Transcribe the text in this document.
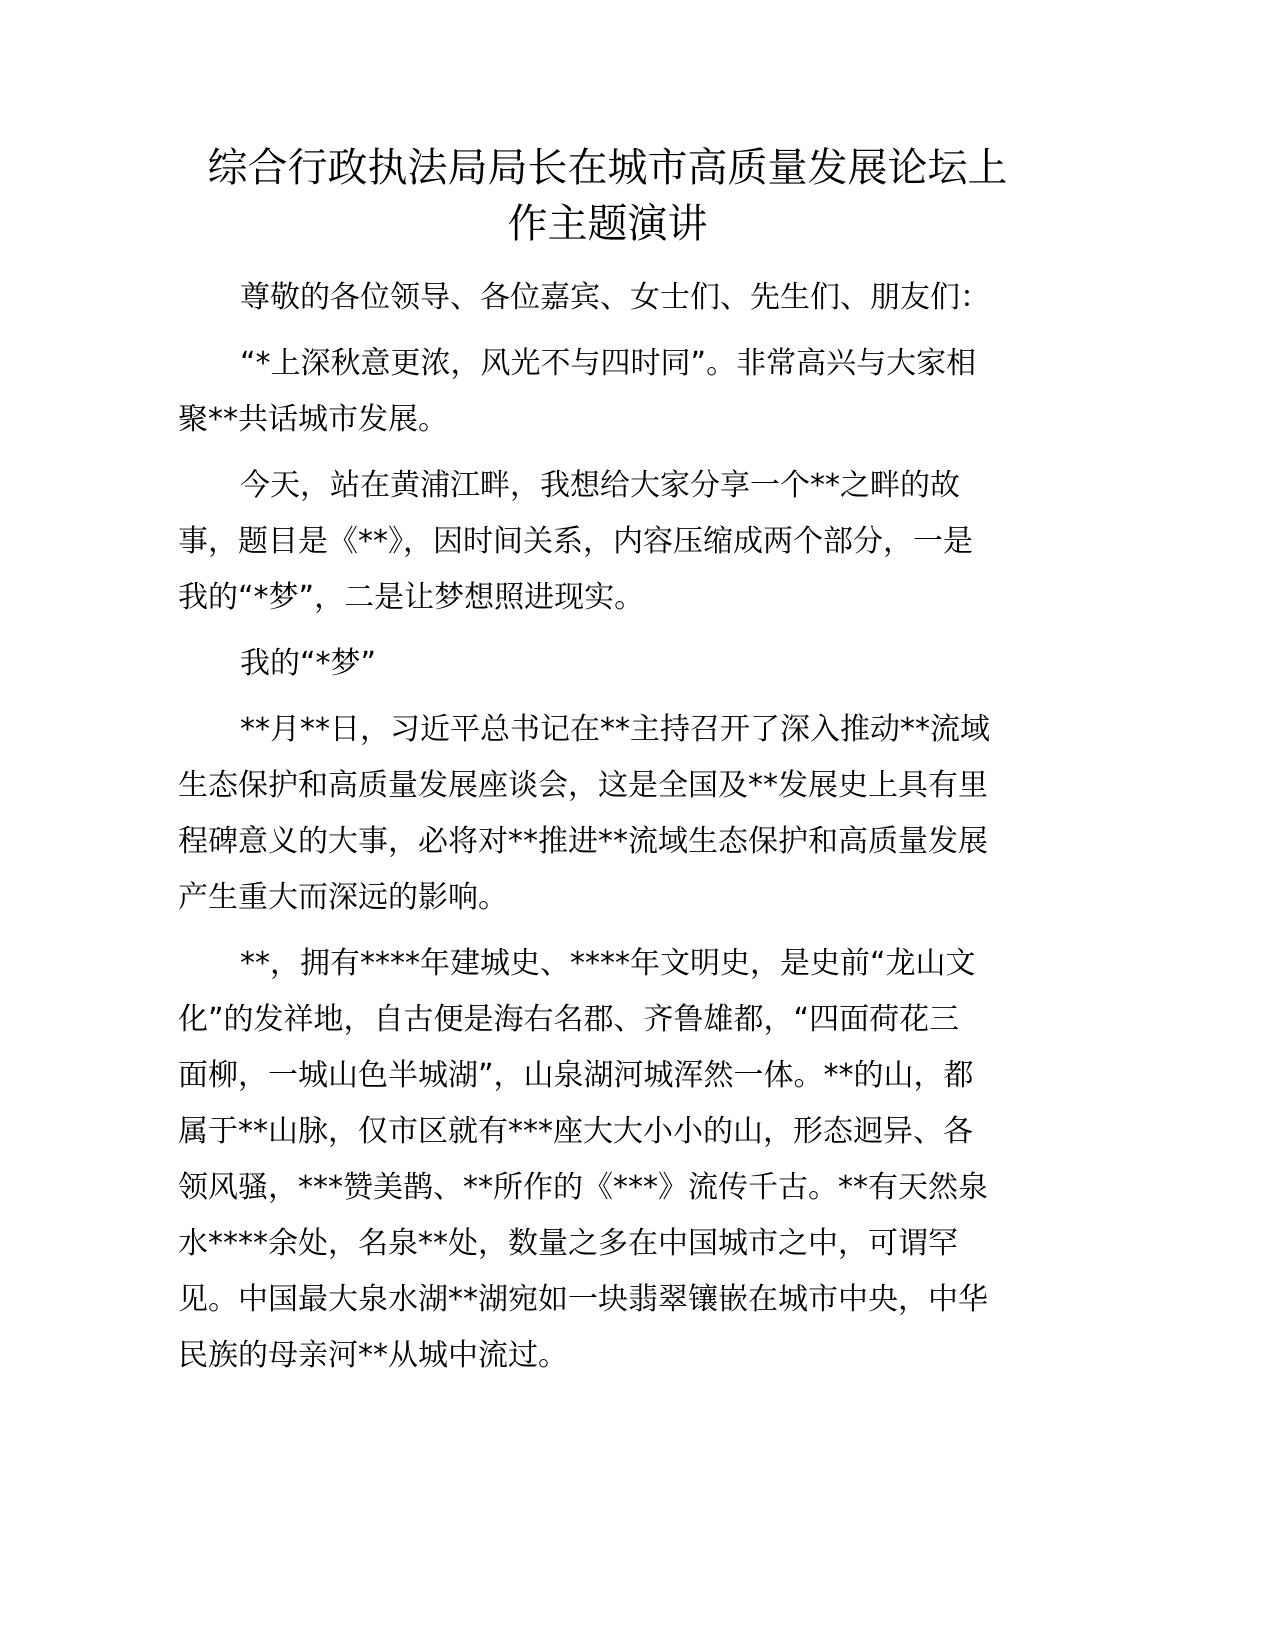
综合行政执法局局长在城市高质量发展论坛上
作主题演讲
尊敬的各位领导、各位嘉宾、女士们、先生们、朋友们：
“*上深秋意更浓，风光不与四时同”。非常高兴与大家相
聚**共话城市发展。
今天，站在黄浦江畔，我想给大家分享一个**之畔的故
事，题目是《**》，因时间关系，内容压缩成两个部分，一是
我的“*梦”，二是让梦想照进现实。
我的“*梦”
**月**日，习近平总书记在**主持召开了深入推动**流域
生态保护和高质量发展座谈会，这是全国及**发展史上具有里
程碑意义的大事，必将对**推进**流域生态保护和高质量发展
产生重大而深远的影响。
**，拥有****年建城史、****年文明史，是史前“龙山文
化”的发祥地，自古便是海右名郡、齐鲁雄都，“四面荷花三
面柳，一城山色半城湖”，山泉湖河城浑然一体。**的山，都
属于**山脉，仅市区就有***座大大小小的山，形态迥异、各
领风骚，***赞美鹊、**所作的《***》流传千古。**有天然泉
水****余处，名泉**处，数量之多在中国城市之中，可谓罕
见。中国最大泉水湖**湖宛如一块翡翠镶嵌在城市中央，中华
民族的母亲河**从城中流过。
